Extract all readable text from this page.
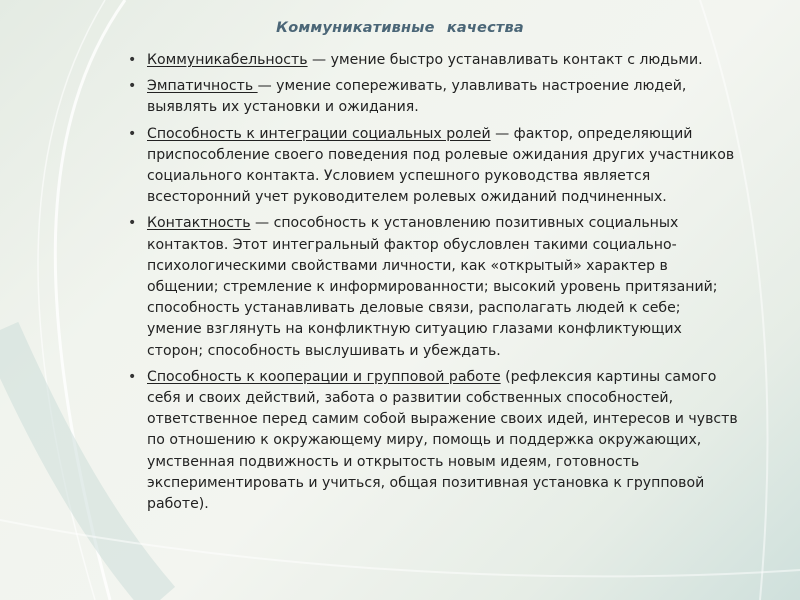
Коммуникативные качества
• Коммуникабельность — умение быстро устанавливать контакт с людьми.
• Эмпатичность — умение сопереживать, улавливать настроение людей, выявлять их установки и ожидания.
• Способность к интеграции социальных ролей — фактор, определяющий приспособление своего поведения под ролевые ожидания других участников социального контакта. Условием успешного руководства является всесторонний учет руководителем ролевых ожиданий подчиненных.
• Контактность — способность к установлению позитивных социальных контактов. Этот интегральный фактор обусловлен такими социально-психологическими свойствами личности, как «открытый» характер в общении; стремление к информированности; высокий уровень притязаний; способность устанавливать деловые связи, располагать людей к себе; умение взглянуть на конфликтную ситуацию глазами конфликтующих сторон; способность выслушивать и убеждать.
• Способность к кооперации и групповой работе (рефлексия картины самого себя и своих действий, забота о развитии собственных способностей, ответственное перед самим собой выражение своих идей, интересов и чувств по отношению к окружающему миру, помощь и поддержка окружающих, умственная подвижность и открытость новым идеям, готовность экспериментировать и учиться, общая позитивная установка к групповой работе).
